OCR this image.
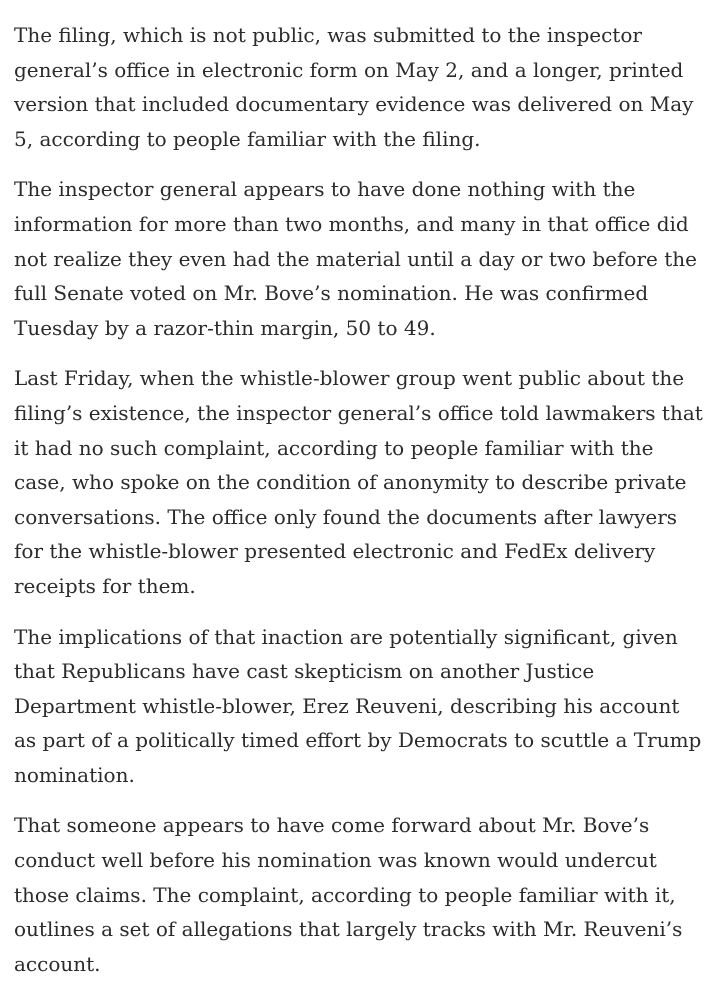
The filing, which is not public, was submitted to the inspector
general’s office in electronic form on May 2, and a longer, printed
version that included documentary evidence was delivered on May
5, according to people familiar with the filing.

The inspector general appears to have done nothing with the
information for more than two months, and many in that office did
not realize they even had the material until a day or two before the
full Senate voted on Mr. Bove’s nomination. He was confirmed
Tuesday by a razor-thin margin, 50 to 49.

Last Friday, when the whistle-blower group went public about the
filing’s existence, the inspector general’s office told lawmakers that
it had no such complaint, according to people familiar with the
case, who spoke on the condition of anonymity to describe private
conversations. The office only found the documents after lawyers
for the whistle-blower presented electronic and FedEx delivery
receipts for them.

The implications of that inaction are potentially significant, given
that Republicans have cast skepticism on another Justice
Department whistle-blower, Erez Reuveni, describing his account
as part of a politically timed effort by Democrats to scuttle a Trump
nomination.

That someone appears to have come forward about Mr. Bove’s
conduct well before his nomination was known would undercut
those claims. The complaint, according to people familiar with it,
outlines a set of allegations that largely tracks with Mr. Reuveni’s
account.
